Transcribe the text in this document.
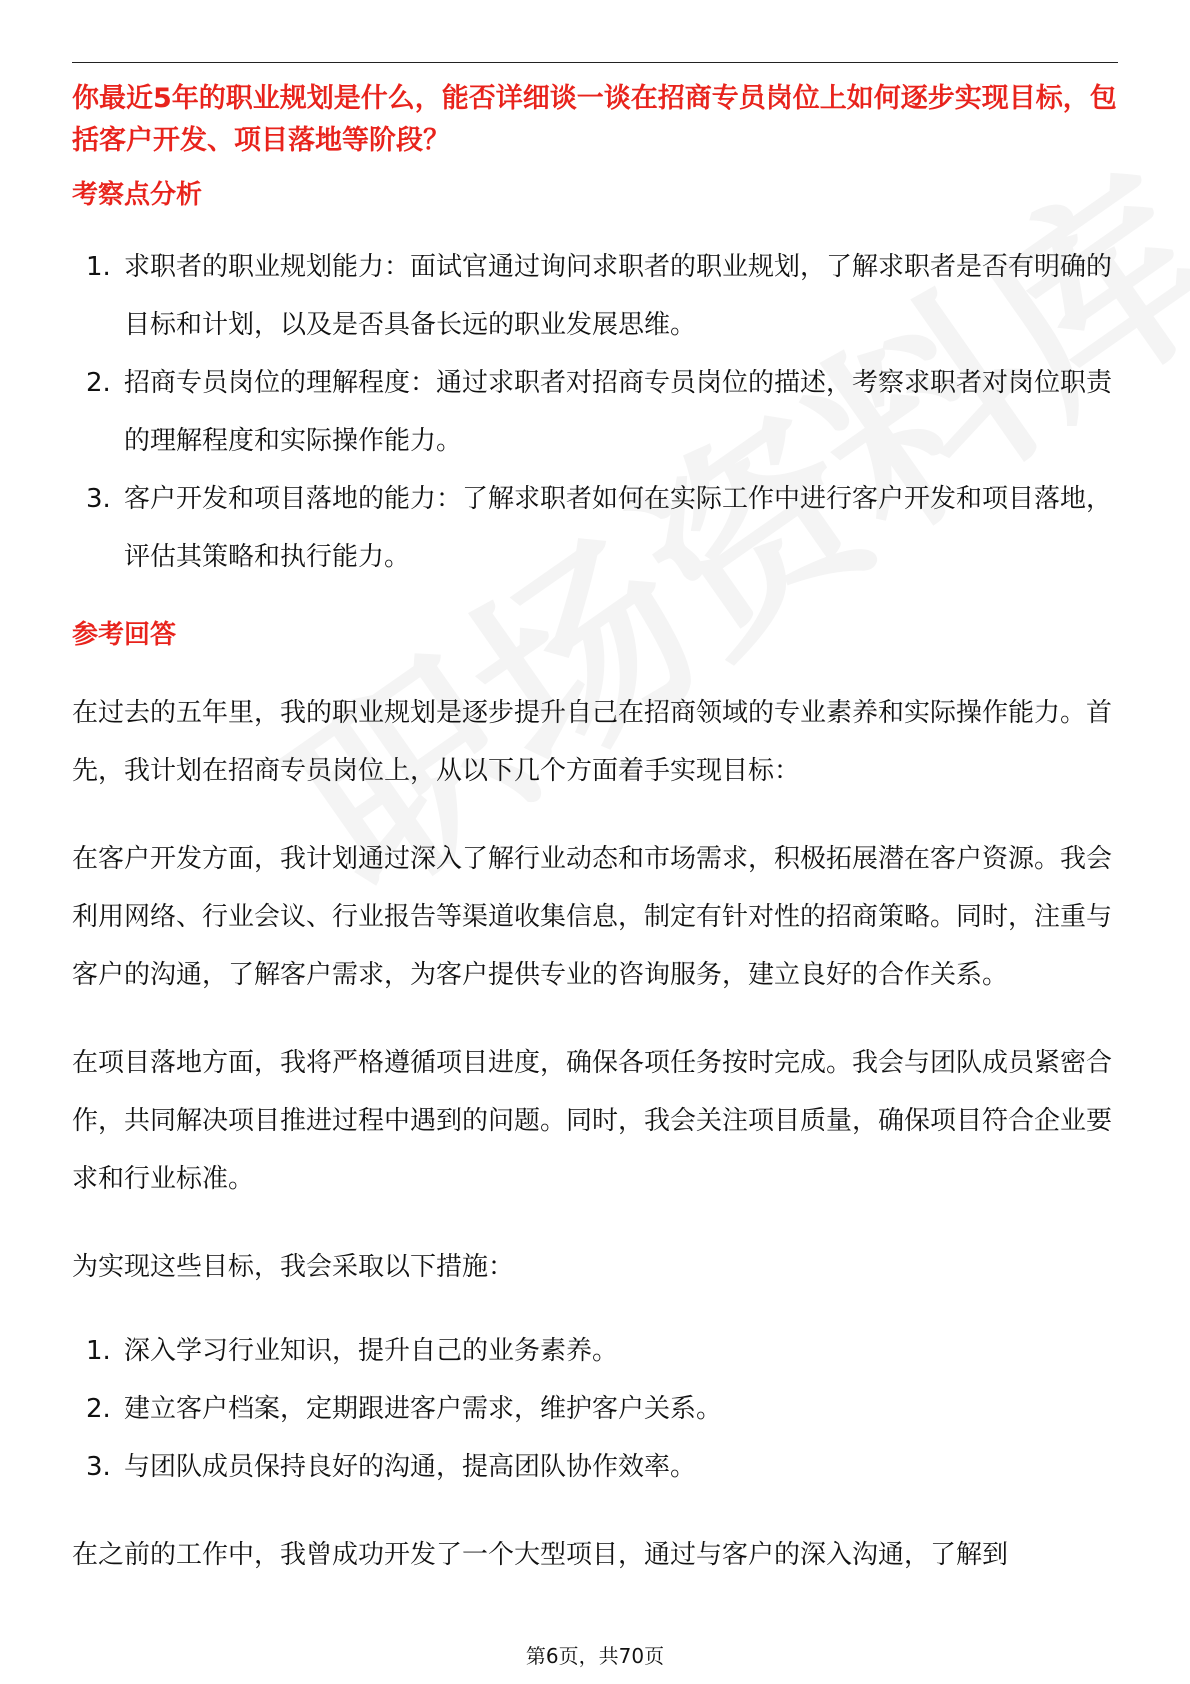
你最近5年的职业规划是什么，能否详细谈一谈在招商专员岗位上如何逐步实现目标，包括客户开发、项目落地等阶段？

考察点分析
1. 求职者的职业规划能力：面试官通过询问求职者的职业规划，了解求职者是否有明确的目标和计划，以及是否具备长远的职业发展思维。
2. 招商专员岗位的理解程度：通过求职者对招商专员岗位的描述，考察求职者对岗位职责的理解程度和实际操作能力。
3. 客户开发和项目落地的能力：了解求职者如何在实际工作中进行客户开发和项目落地，评估其策略和执行能力。
参考回答

在过去的五年里，我的职业规划是逐步提升自己在招商领域的专业素养和实际操作能力。首先，我计划在招商专员岗位上，从以下几个方面着手实现目标：

在客户开发方面，我计划通过深入了解行业动态和市场需求，积极拓展潜在客户资源。我会利用网络、行业会议、行业报告等渠道收集信息，制定有针对性的招商策略。同时，注重与客户的沟通，了解客户需求，为客户提供专业的咨询服务，建立良好的合作关系。

在项目落地方面，我将严格遵循项目进度，确保各项任务按时完成。我会与团队成员紧密合作，共同解决项目推进过程中遇到的问题。同时，我会关注项目质量，确保项目符合企业要求和行业标准。

为实现这些目标，我会采取以下措施：

1. 深入学习行业知识，提升自己的业务素养。
2. 建立客户档案，定期跟进客户需求，维护客户关系。
3. 与团队成员保持良好的沟通，提高团队协作效率。

在之前的工作中，我曾成功开发了一个大型项目，通过与客户的深入沟通，了解到

第6页，共70页
